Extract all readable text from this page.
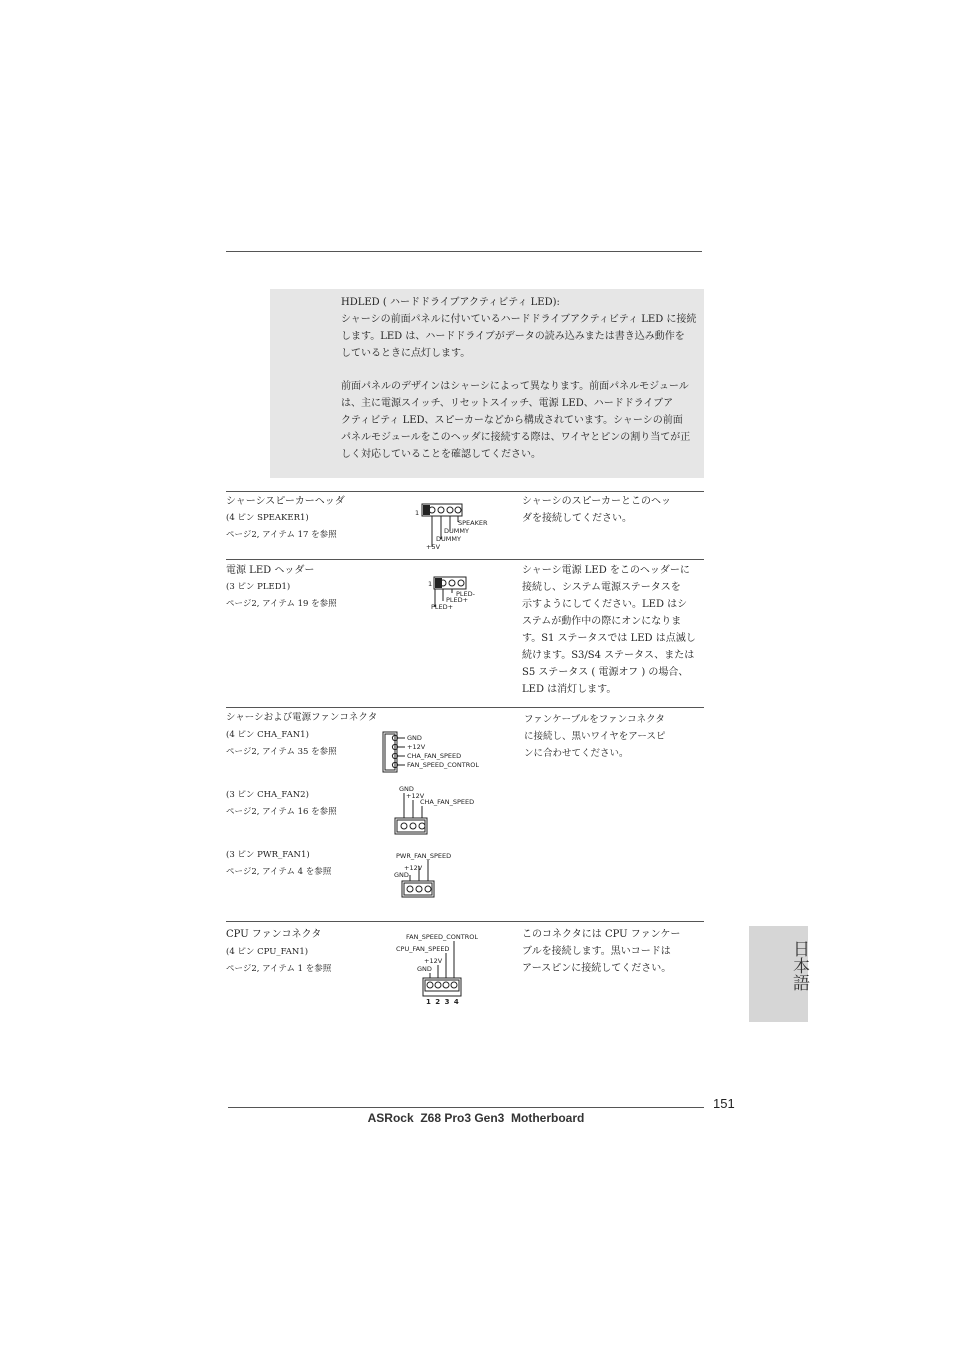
HDLED ( ハードドライブアクティビティ LED):
シャーシの前面パネルに付いているハードドライブアクティビティ LED に接続
します。LED は、ハードドライブがデータの読み込みまたは書き込み動作を
しているときに点灯します。
前面パネルのデザインはシャーシによって異なります。前面パネルモジュール
は、主に電源スイッチ、リセットスイッチ、電源 LED、ハードドライブア
クティビティ LED、スピーカーなどから構成されています。シャーシの前面
パネルモジュールをこのヘッダに接続する際は、ワイヤとピンの割り当てが正
しく対応していることを確認してください。
シャーシスピーカーヘッダ
(4 ピン SPEAKER1)
ページ2, アイテム 17 を参照
シャーシのスピーカーとこのヘッ
ダを接続してください。
1
SPEAKER
DUMMY
DUMMY
+5V
電源 LED ヘッダー
(3 ピン PLED1)
ページ2, アイテム 19 を参照
シャーシ電源 LED をこのヘッダーに
接続し、システム電源ステータスを
示すようにしてください。LED はシ
ステムが動作中の際にオンになりま
す。S1 ステータスでは LED は点滅し
続けます。S3/S4 ステータス、または
S5 ステータス ( 電源オフ ) の場合、
LED は消灯します。
1
PLED-
PLED+
PLED+
シャーシおよび電源ファンコネクタ	ファンケーブルをファンコネクタ
に接続し、黒いワイヤをアースピ
ンに合わせてください。
(4 ピン CHA_FAN1)
ページ2, アイテム 35 を参照
GND
+12V
CHA_FAN_SPEED
FAN_SPEED_CONTROL
(3 ピン CHA_FAN2)
ページ2, アイテム 16 を参照
GND
+12V
CHA_FAN_SPEED
(3 ピン PWR_FAN1)
ページ2, アイテム 4 を参照
PWR_FAN_SPEED
+12V
GND
CPU ファンコネクタ
(4 ピン CPU_FAN1)
ページ2, アイテム 1 を参照
このコネクタには CPU ファンケー
ブルを接続します。黒いコードは
アースピンに接続してください。
FAN_SPEED_CONTROL
CPU_FAN_SPEED
+12V
GND
1 2 3 4
日本語
151
ASRock  Z68 Pro3 Gen3  Motherboard
